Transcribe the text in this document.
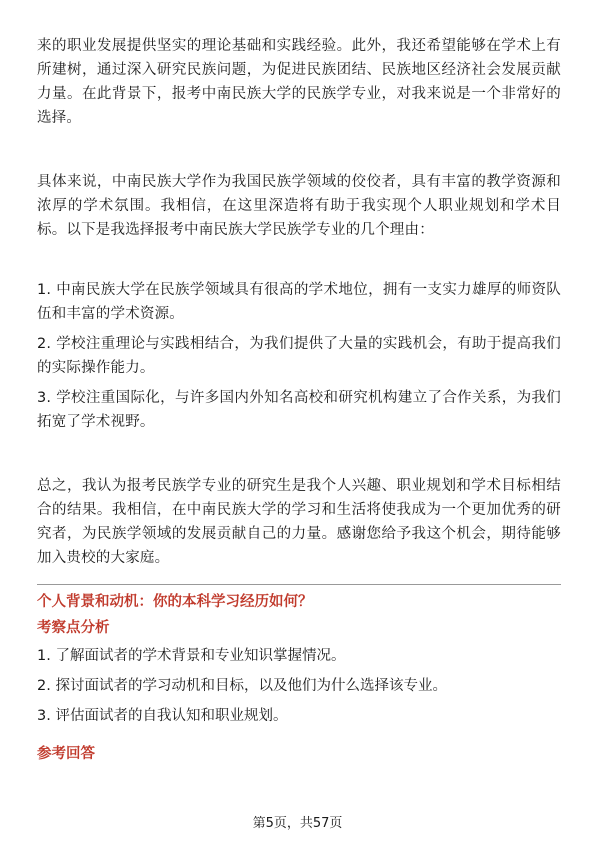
来的职业发展提供坚实的理论基础和实践经验。此外，我还希望能够在学术上有所建树，通过深入研究民族问题，为促进民族团结、民族地区经济社会发展贡献力量。在此背景下，报考中南民族大学的民族学专业，对我来说是一个非常好的选择。

具体来说，中南民族大学作为我国民族学领域的佼佼者，具有丰富的教学资源和浓厚的学术氛围。我相信，在这里深造将有助于我实现个人职业规划和学术目标。以下是我选择报考中南民族大学民族学专业的几个理由：

1. 中南民族大学在民族学领域具有很高的学术地位，拥有一支实力雄厚的师资队伍和丰富的学术资源。

2. 学校注重理论与实践相结合，为我们提供了大量的实践机会，有助于提高我们的实际操作能力。

3. 学校注重国际化，与许多国内外知名高校和研究机构建立了合作关系，为我们拓宽了学术视野。

总之，我认为报考民族学专业的研究生是我个人兴趣、职业规划和学术目标相结合的结果。我相信，在中南民族大学的学习和生活将使我成为一个更加优秀的研究者，为民族学领域的发展贡献自己的力量。感谢您给予我这个机会，期待能够加入贵校的大家庭。

个人背景和动机：你的本科学习经历如何？
考察点分析
1. 了解面试者的学术背景和专业知识掌握情况。
2. 探讨面试者的学习动机和目标，以及他们为什么选择该专业。
3. 评估面试者的自我认知和职业规划。
参考回答
第5页，共57页
